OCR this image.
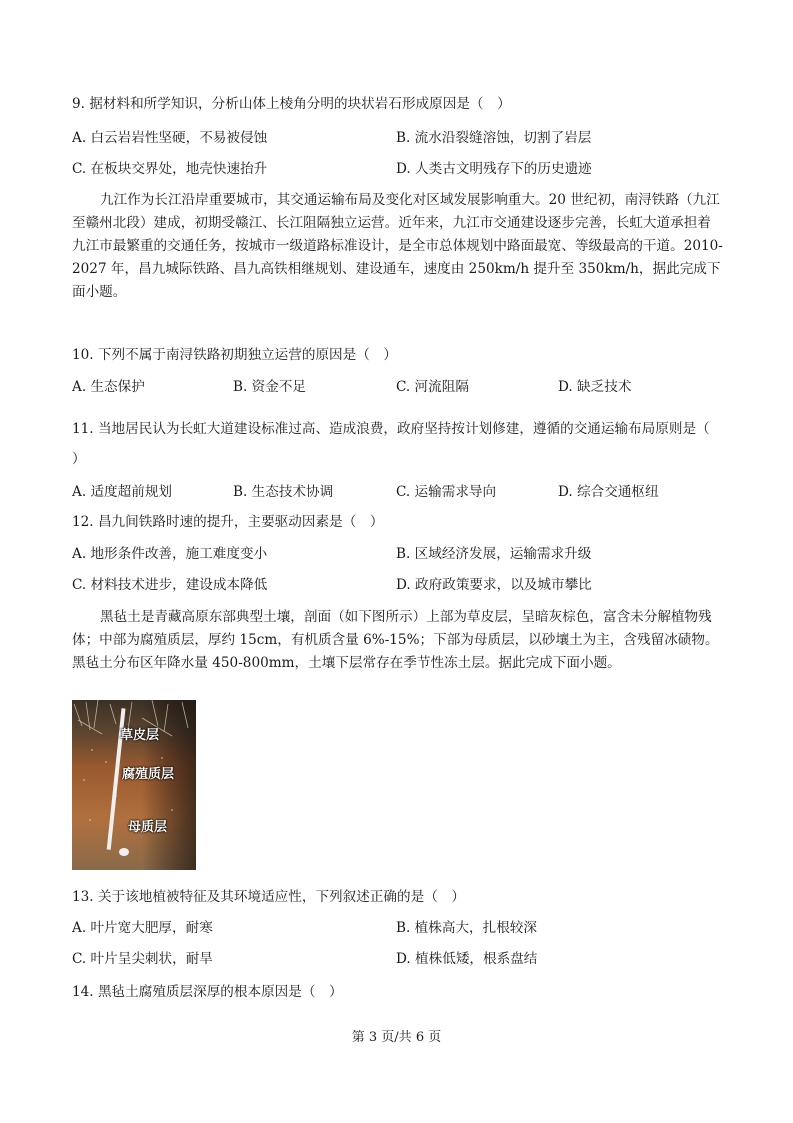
9. 据材料和所学知识，分析山体上棱角分明的块状岩石形成原因是（　）
A. 白云岩岩性坚硬，不易被侵蚀	B. 流水沿裂缝溶蚀，切割了岩层
C. 在板块交界处，地壳快速抬升	D. 人类古文明残存下的历史遗迹
九江作为长江沿岸重要城市，其交通运输布局及变化对区域发展影响重大。20 世纪初，南浔铁路（九江至赣州北段）建成，初期受赣江、长江阻隔独立运营。近年来，九江市交通建设逐步完善，长虹大道承担着九江市最繁重的交通任务，按城市一级道路标准设计，是全市总体规划中路面最宽、等级最高的干道。2010-2027 年，昌九城际铁路、昌九高铁相继规划、建设通车，速度由 250km/h 提升至 350km/h，据此完成下面小题。
10. 下列不属于南浔铁路初期独立运营的原因是（　）
A. 生态保护	B. 资金不足	C. 河流阻隔	D. 缺乏技术
11. 当地居民认为长虹大道建设标准过高、造成浪费，政府坚持按计划修建，遵循的交通运输布局原则是（
）
A. 适度超前规划	B. 生态技术协调	C. 运输需求导向	D. 综合交通枢纽
12. 昌九间铁路时速的提升，主要驱动因素是（　）
A. 地形条件改善，施工难度变小	B. 区域经济发展，运输需求升级
C. 材料技术进步，建设成本降低	D. 政府政策要求，以及城市攀比
黑毡土是青藏高原东部典型土壤，剖面（如下图所示）上部为草皮层，呈暗灰棕色，富含未分解植物残体；中部为腐殖质层，厚约 15cm，有机质含量 6%-15%；下部为母质层，以砂壤土为主，含残留冰碛物。黑毡土分布区年降水量 450-800mm，土壤下层常存在季节性冻土层。据此完成下面小题。
草皮层
腐殖质层
母质层
13. 关于该地植被特征及其环境适应性，下列叙述正确的是（　）
A. 叶片宽大肥厚，耐寒	B. 植株高大，扎根较深
C. 叶片呈尖刺状，耐旱	D. 植株低矮，根系盘结
14. 黑毡土腐殖质层深厚的根本原因是（　）
第 3 页/共 6 页
